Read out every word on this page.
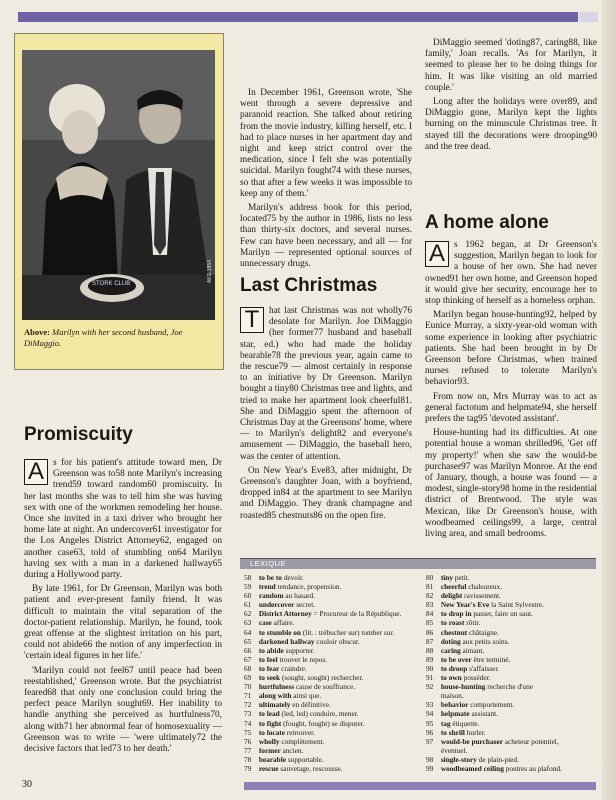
STORK CLUB
AKG 1954
Above: Marilyn with her second husband, Joe DiMaggio.
Promiscuity

A s for his patient's attitude toward men, Dr Greenson was to58 note Marilyn's increasing trend59 toward random60 promiscuity. In her last months she was to tell him she was having sex with one of the workmen remodeling her house. Once she invited in a taxi driver who brought her home late at night. An undercover61 investigator for the Los Angeles District Attorney62, engaged on another case63, told of stumbling on64 Marilyn having sex with a man in a darkened hallway65 during a Hollywood party.

By late 1961, for Dr Greenson, Marilyn was both patient and ever-present family friend. It was difficult to maintain the vital separation of the doctor-patient relationship. Marilyn, he found, took great offense at the slightest irritation on his part, could not abide66 the notion of any imperfection in 'certain ideal figures in her life.'

'Marilyn could not feel67 until peace had been reestablished,' Greenson wrote. But the psychiatrist feared68 that only one conclusion could bring the perfect peace Marilyn sought69. Her inability to handle anything she perceived as hurtfulness70, along with71 her abnormal fear of homosexuality — Greenson was to write — 'were ultimately72 the decisive factors that led73 to her death.'

In December 1961, Greenson wrote, 'She went through a severe depressive and paranoid reaction. She talked about retiring from the movie industry, killing herself, etc. I had to place nurses in her apartment day and night and keep strict control over the medication, since I felt she was potentially suicidal. Marilyn fought74 with these nurses, so that after a few weeks it was impossible to keep any of them.'

Marilyn's address book for this period, located75 by the author in 1986, lists no less than thirty-six doctors, and several nurses. Few can have been necessary, and all — for Marilyn — represented optional sources of unnecessary drugs.

Last Christmas

T	hat last Christmas was not wholly76 desolate for Marilyn. Joe DiMaggio (her former77 husband and baseball star, ed.) who had made the holiday bearable78 the previous year, again came to the rescue79 — almost certainly in response to an initiative by Dr Greenson. Marilyn bought a tiny80 Christmas tree and lights, and tried to make her apartment look cheerful81. She and DiMaggio spent the afternoon of Christmas Day at the Greensons' home, where — to Marilyn's delight82 and everyone's amusement — DiMaggio, the baseball hero, was the center of attention.

On New Year's Eve83, after midnight, Dr Greenson's daughter Joan, with a boyfriend, dropped in84 at the apartment to see Marilyn and DiMaggio. They drank champagne and roasted85 chestnuts86 on the open fire.

DiMaggio seemed 'doting87, caring88, like family,' Joan recalls. 'As for Marilyn, it seemed to please her to be doing things for him. It was like visiting an old married couple.'

Long after the holidays were over89, and DiMaggio gone, Marilyn kept the lights burning on the minuscule Christmas tree. It stayed till the decorations were drooping90 and the tree dead.

A home alone

A s 1962 began, at Dr Greenson's suggestion, Marilyn began to look for a house of her own. She had never owned91 her own home, and Greenson hoped it would give her security, encourage her to stop thinking of herself as a homeless orphan.

Marilyn began house-hunting92, helped by Eunice Murray, a sixty-year-old woman with some experience in looking after psychiatric patients. She had been brought in by Dr Greenson before Christmas, when trained nurses refused to tolerate Marilyn's behavior93.

From now on, Mrs Murray was to act as general factotum and helpmate94, she herself prefers the tag95 'devoted assistant'.

House-hunting had its difficulties. At one potential house a woman shrilled96, 'Get off my property!' when she saw the would-be purchaser97 was Marilyn Monroe. At the end of January, though, a house was found — a modest, single-story98 home in the residential district of Brentwood. The style was Mexican, like Dr Greenson's house, with woodbeamed ceilings99, a large, central living area, and small bedrooms.

LEXIQUE
58 to be to devoir.
59 trend tendance, propension.
60 random au hasard.
61 undercover secret.
62 District Attorney = Procureur de la République.
63 case affaire.
64 to stumble on (lit. : trébucher sur) tomber sur.
65 darkened hallway couloir obscur.
66 to abide supporter.
67 to feel trouver le repos.
68 to fear craindre.
69 to seek (sought, sought) rechercher.
70 hurtfulness cause de souffrance.
71 along with ainsi que.
72 ultimately en définitive.
73 to lead (led, led) conduire, mener.
74 to fight (fought, fought) se disputer.
75 to locate retrouver.
76 wholly complètement.
77 former ancien.
78 bearable supportable.
79 rescue sauvetage, rescousse.
80 tiny petit.
81 cheerful chaleureux.
82 delight ravissement.
83 New Year's Eve la Saint Sylvestre.
84 to drop in passer, faire un saut.
85 to roast rôtir.
86 chestnut châtaigne.
87 doting aux petits soins.
88 caring aimant.
89 to be over être terminé.
90 to droop s'affaisser.
91 to own posséder.
92 house-hunting recherche d'une
maison.
93 behavior comportement.
94 helpmate assistant.
95 tag étiquette.
96 to shrill hurler.
97 would-be purchaser acheteur potentiel,
éventuel.
98 single-story de plain-pied.
99 woodbeamed ceiling poutres au plafond.
30
